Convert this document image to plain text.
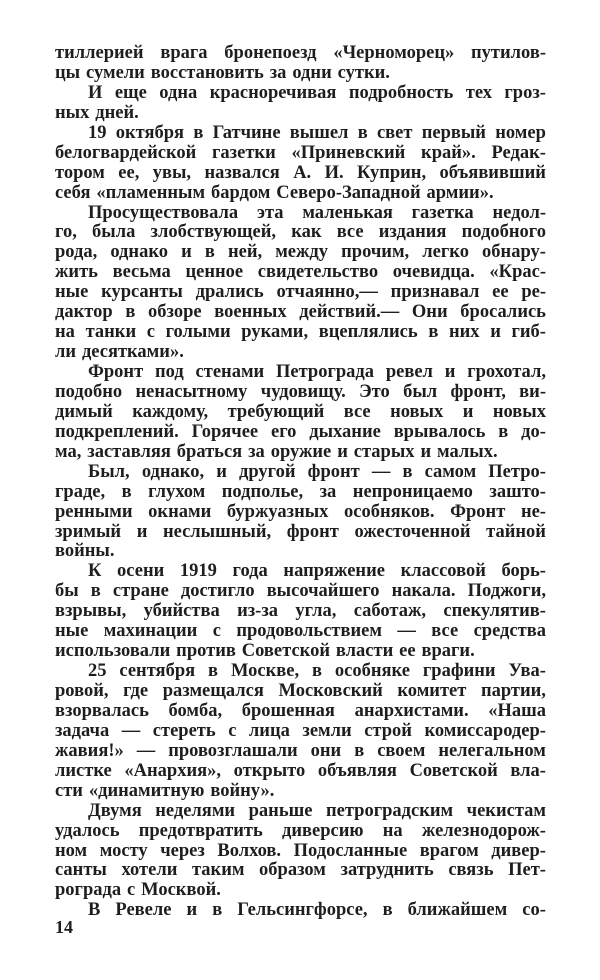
тиллерией врага бронепоезд «Черноморец» путилов-
цы сумели восстановить за одни сутки.
И еще одна красноречивая подробность тех гроз-
ных дней.
19 октября в Гатчине вышел в свет первый номер
белогвардейской газетки «Приневский край». Редак-
тором ее, увы, назвался А. И. Куприн, объявивший
себя «пламенным бардом Северо-Западной армии».
Просуществовала эта маленькая газетка недол-
го, была злобствующей, как все издания подобного
рода, однако и в ней, между прочим, легко обнару-
жить весьма ценное свидетельство очевидца. «Крас-
ные курсанты дрались отчаянно,— признавал ее ре-
дактор в обзоре военных действий.— Они бросались
на танки с голыми руками, вцеплялись в них и гиб-
ли десятками».
Фронт под стенами Петрограда ревел и грохотал,
подобно ненасытному чудовищу. Это был фронт, ви-
димый каждому, требующий все новых и новых
подкреплений. Горячее его дыхание врывалось в до-
ма, заставляя браться за оружие и старых и малых.
Был, однако, и другой фронт — в самом Петро-
граде, в глухом подполье, за непроницаемо зашто-
ренными окнами буржуазных особняков. Фронт не-
зримый и неслышный, фронт ожесточенной тайной
войны.
К осени 1919 года напряжение классовой борь-
бы в стране достигло высочайшего накала. Поджоги,
взрывы, убийства из-за угла, саботаж, спекулятив-
ные махинации с продовольствием — все средства
использовали против Советской власти ее враги.
25 сентября в Москве, в особняке графини Ува-
ровой, где размещался Московский комитет партии,
взорвалась бомба, брошенная анархистами. «Наша
задача — стереть с лица земли строй комиссародер-
жавия!» — провозглашали они в своем нелегальном
листке «Анархия», открыто объявляя Советской вла-
сти «динамитную войну».
Двумя неделями раньше петроградским чекистам
удалось предотвратить диверсию на железнодорож-
ном мосту через Волхов. Подосланные врагом дивер-
санты хотели таким образом затруднить связь Пет-
рограда с Москвой.
В Ревеле и в Гельсингфорсе, в ближайшем со-
14
